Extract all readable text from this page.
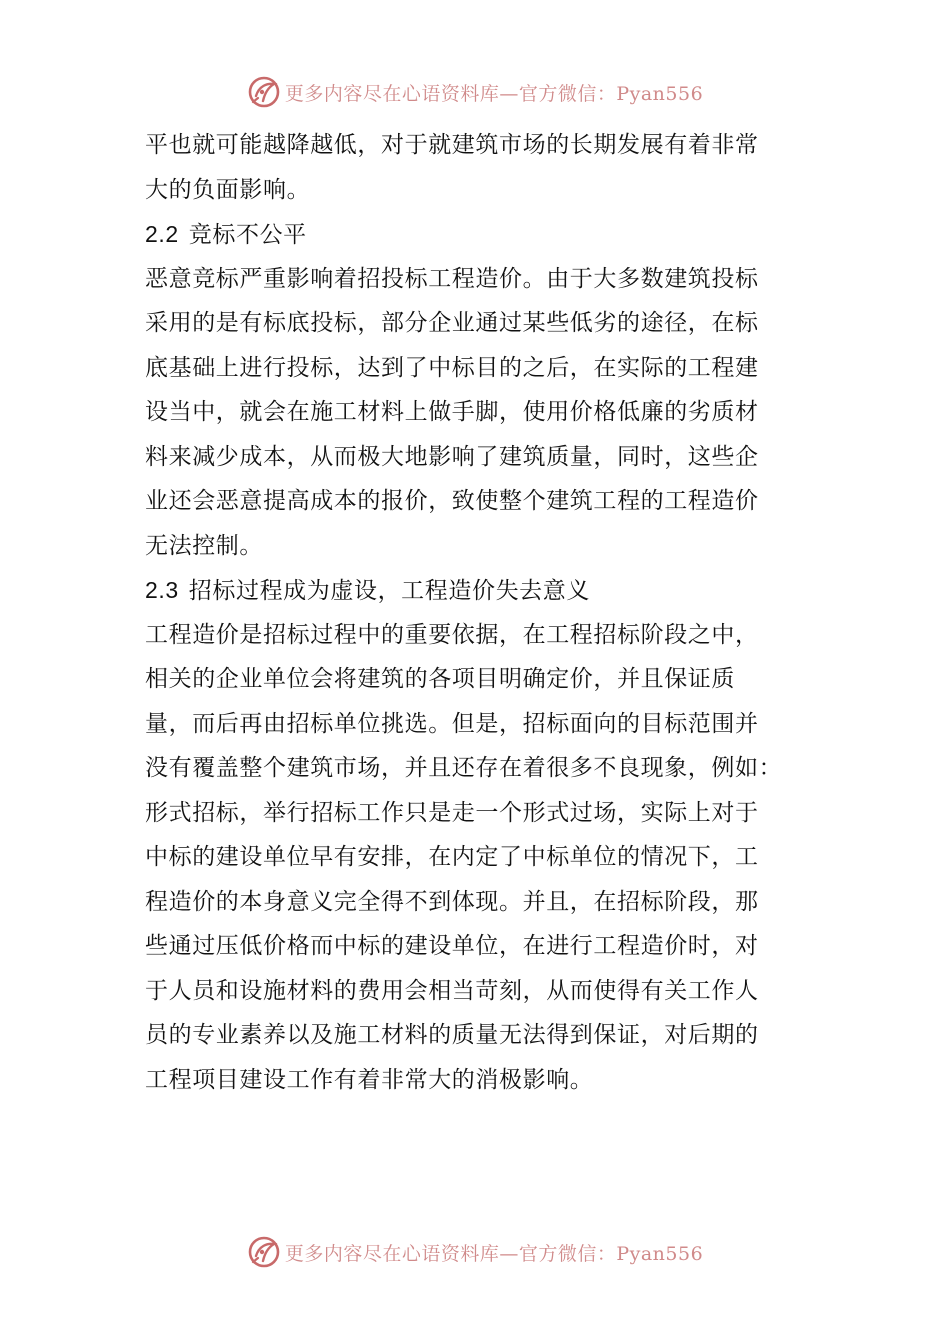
更多内容尽在心语资料库—官方微信：Pyan556
平也就可能越降越低，对于就建筑市场的长期发展有着非常
大的负面影响。
2.2 竞标不公平
恶意竞标严重影响着招投标工程造价。由于大多数建筑投标
采用的是有标底投标，部分企业通过某些低劣的途径，在标
底基础上进行投标，达到了中标目的之后，在实际的工程建
设当中，就会在施工材料上做手脚，使用价格低廉的劣质材
料来减少成本，从而极大地影响了建筑质量，同时，这些企
业还会恶意提高成本的报价，致使整个建筑工程的工程造价
无法控制。
2.3 招标过程成为虚设，工程造价失去意义
工程造价是招标过程中的重要依据，在工程招标阶段之中，
相关的企业单位会将建筑的各项目明确定价，并且保证质
量，而后再由招标单位挑选。但是，招标面向的目标范围并
没有覆盖整个建筑市场，并且还存在着很多不良现象，例如：
形式招标，举行招标工作只是走一个形式过场，实际上对于
中标的建设单位早有安排，在内定了中标单位的情况下，工
程造价的本身意义完全得不到体现。并且，在招标阶段，那
些通过压低价格而中标的建设单位，在进行工程造价时，对
于人员和设施材料的费用会相当苛刻，从而使得有关工作人
员的专业素养以及施工材料的质量无法得到保证，对后期的
工程项目建设工作有着非常大的消极影响。
更多内容尽在心语资料库—官方微信：Pyan556
